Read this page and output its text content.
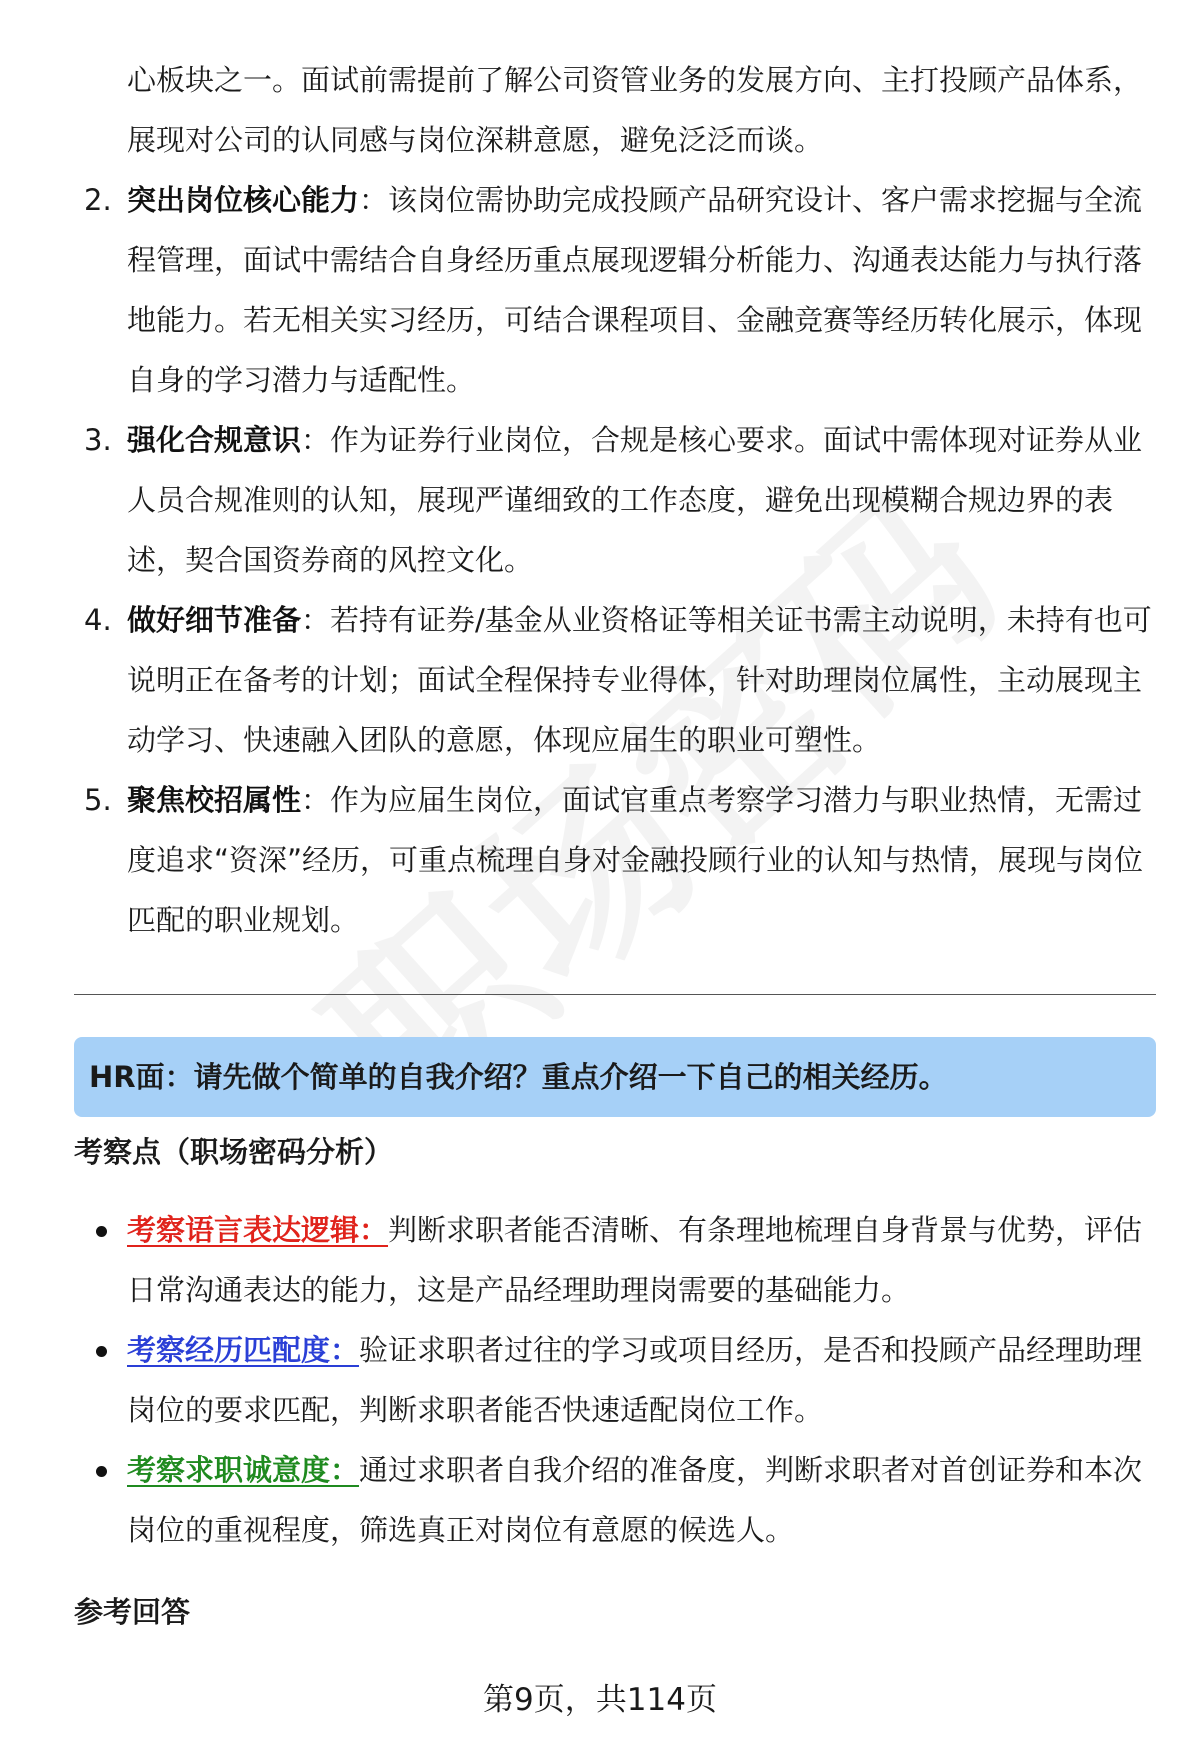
心板块之一。面试前需提前了解公司资管业务的发展方向、主打投顾产品体系，展现对公司的认同感与岗位深耕意愿，避免泛泛而谈。

2. 突出岗位核心能力：该岗位需协助完成投顾产品研究设计、客户需求挖掘与全流程管理，面试中需结合自身经历重点展现逻辑分析能力、沟通表达能力与执行落地能力。若无相关实习经历，可结合课程项目、金融竞赛等经历转化展示，体现自身的学习潜力与适配性。
3. 强化合规意识：作为证券行业岗位，合规是核心要求。面试中需体现对证券从业人员合规准则的认知，展现严谨细致的工作态度，避免出现模糊合规边界的表述，契合国资券商的风控文化。
4. 做好细节准备：若持有证券/基金从业资格证等相关证书需主动说明，未持有也可说明正在备考的计划；面试全程保持专业得体，针对助理岗位属性，主动展现主动学习、快速融入团队的意愿，体现应届生的职业可塑性。
5. 聚焦校招属性：作为应届生岗位，面试官重点考察学习潜力与职业热情，无需过度追求“资深”经历，可重点梳理自身对金融投顾行业的认知与热情，展现与岗位匹配的职业规划。
HR面：请先做个简单的自我介绍？重点介绍一下自己的相关经历。
考察点（职场密码分析）
考察语言表达逻辑：判断求职者能否清晰、有条理地梳理自身背景与优势，评估日常沟通表达的能力，这是产品经理助理岗需要的基础能力。
考察经历匹配度：验证求职者过往的学习或项目经历，是否和投顾产品经理助理岗位的要求匹配，判断求职者能否快速适配岗位工作。
考察求职诚意度：通过求职者自我介绍的准备度，判断求职者对首创证券和本次岗位的重视程度，筛选真正对岗位有意愿的候选人。
参考回答
第9页，共114页
